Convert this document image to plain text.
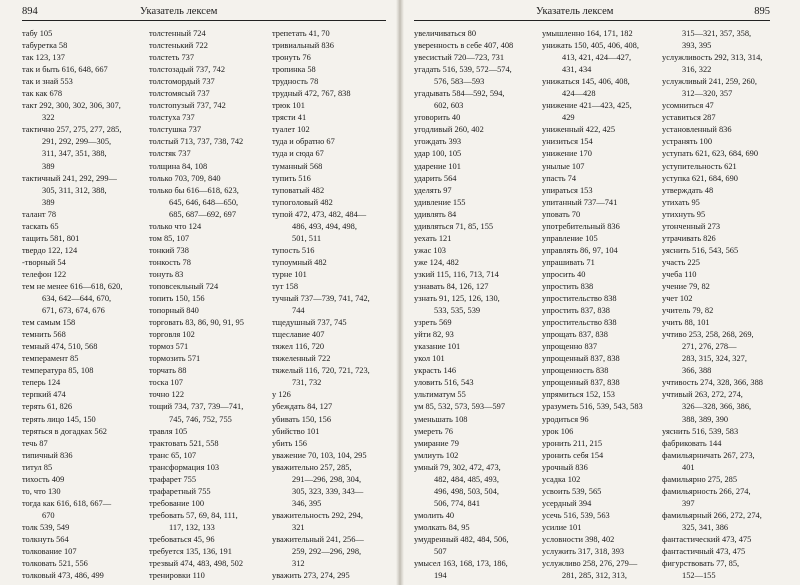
894	Указатель лексем
табу 105
табуретка 58
так 123, 137
так и быть 616, 648, 667
так и знай 553
так как 678
такт 292, 300, 302, 306, 307,
322
тактично 257, 275, 277, 285,
291, 292, 299—305,
311, 347, 351, 388,
389
тактичный 241, 292, 299—
305, 311, 312, 388,
389
талант 78
таскать 65
тащить 581, 801
твердо 122, 124
-творный 54
телефон 122
тем не менее 616—618, 620,
634, 642—644, 670,
671, 673, 674, 676
тем самым 158
темнить 568
темный 474, 510, 568
темперамент 85
температура 85, 108
теперь 124
терпкий 474
терять 61, 826
терять лицо 145, 150
теряться в догадках 562
течь 87
типичный 836
титул 85
тихость 409
то, что 130
тогда как 616, 618, 667—
670
толк 539, 549
толкнуть 564
толкование 107
толковать 521, 556
толковый 473, 486, 499
толстенный 724
толстенький 722
толстеть 737
толстозадый 737, 742
толстомордый 737
толстомясый 737
толстопузый 737, 742
толстуха 737
толстушка 737
толстый 713, 737, 738, 742
толстяк 737
толщина 84, 108
только 703, 709, 840
только бы 616—618, 623,
645, 646, 648—650,
685, 687—692, 697
только что 124
том 85, 107
тонкий 738
тонкость 78
тонуть 83
топовсекльный 724
топить 150, 156
топорный 840
торговать 83, 86, 90, 91, 95
торговля 102
тормоз 571
тормозить 571
торчать 88
тоска 107
точно 122
тощий 734, 737, 739—741,
745, 746, 752, 755
травля 105
трактовать 521, 558
транс 65, 107
трансформация 103
трафарет 755
трафаретный 755
требование 100
требовать 57, 69, 84, 111,
117, 132, 133
требоваться 45, 96
требуется 135, 136, 191
трезвый 474, 483, 498, 502
тренировки 110
трепетать 41, 70
тривиальный 836
тронуть 76
тропинка 58
трудность 78
трудный 472, 767, 838
трюк 101
трясти 41
туалет 102
туда и обратно 67
туда и сюда 67
туманный 568
тупить 516
туповатый 482
тупоголовый 482
тупой 472, 473, 482, 484—
486, 493, 494, 498,
501, 511
тупость 516
тупоумный 482
турне 101
тут 158
тучный 737—739, 741, 742,
744
тщедушный 737, 745
тщеславие 407
тяжел 116, 720
тяжеленный 722
тяжелый 116, 720, 721, 723,
731, 732
у 126
убеждать 84, 127
убивать 150, 156
убийство 101
убить 156
уважение 70, 103, 104, 295
уважительно 257, 285,
291—296, 298, 304,
305, 323, 339, 343—
346, 395
уважительность 292, 294,
321
уважительный 241, 256—
259, 292—296, 298,
312
уважить 273, 274, 295
Указатель лексем	895
увеличиваться 80
уверенность в себе 407, 408
увесистый 720—723, 731
угадать 516, 539, 572—574,
576, 583—593
угадывать 584—592, 594,
602, 603
уговорить 40
угодливый 260, 402
угождать 393
удар 100, 105
ударение 101
ударить 564
уделять 97
удивление 155
удивлять 84
удивляться 71, 85, 155
уехать 121
ужас 103
уже 124, 482
узкий 115, 116, 713, 714
узнавать 84, 126, 127
узнать 91, 125, 126, 130,
533, 535, 539
узреть 569
уйти 82, 93
указание 101
укол 101
украсть 146
уловить 516, 543
ультиматум 55
ум 85, 532, 573, 593—597
уменьшать 108
умереть 76
умирание 79
умлиуть 102
умный 79, 302, 472, 473,
482, 484, 485, 493,
496, 498, 503, 504,
506, 774, 841
умолить 40
умолкать 84, 95
умудренный 482, 484, 506,
507
умысел 163, 168, 173, 186,
194
умышленно 164, 171, 182
унижать 150, 405, 406, 408,
413, 421, 424—427,
431, 434
унижаться 145, 406, 408,
424—428
унижение 421—423, 425,
429
униженный 422, 425
унизиться 154
унижение 170
унылые 107
упасть 74
упираться 153
упитанный 737—741
уповать 70
употребительный 836
управление 105
управлять 86, 97, 104
упрашивать 71
упросить 40
упростить 838
упростительство 838
упростить 837, 838
упростительство 838
упрощать 837, 838
упрощенно 837
упрощенный 837, 838
упрощенность 838
упрощенный 837, 838
упрямиться 152, 153
уразуметь 516, 539, 543, 583
уродиться 96
урок 106
уронить 211, 215
уронить себя 154
урочный 836
усадка 102
усвоить 539, 565
усердный 394
усечь 516, 539, 563
усилие 101
условности 398, 402
услужить 317, 318, 393
услужливо 258, 276, 279—
281, 285, 312, 313,
315—321, 357, 358,
393, 395
услужливость 292, 313, 314,
316, 322
услужливый 241, 259, 260,
312—320, 357
усомниться 47
уставиться 287
установленный 836
устранять 100
уступать 621, 623, 684, 690
уступительность 621
уступка 621, 684, 690
утверждать 48
утихать 95
утихнуть 95
утонченный 273
утрачивать 826
уяснить 516, 543, 565
участь 225
учеба 110
учение 79, 82
учет 102
учитель 79, 82
учить 88, 101
учтиво 253, 258, 268, 269,
271, 276, 278—
283, 315, 324, 327,
366, 388
учтивость 274, 328, 366, 388
учтивый 263, 272, 274,
326—328, 366, 386,
388, 389, 390
уяснить 516, 539, 583
фабриковать 144
фамильярничать 267, 273,
401
фамильярно 275, 285
фамильярность 266, 274,
397
фамильярный 266, 272, 274,
325, 341, 386
фантастический 473, 475
фантастичный 473, 475
фигурствовать 77, 85,
152—155
